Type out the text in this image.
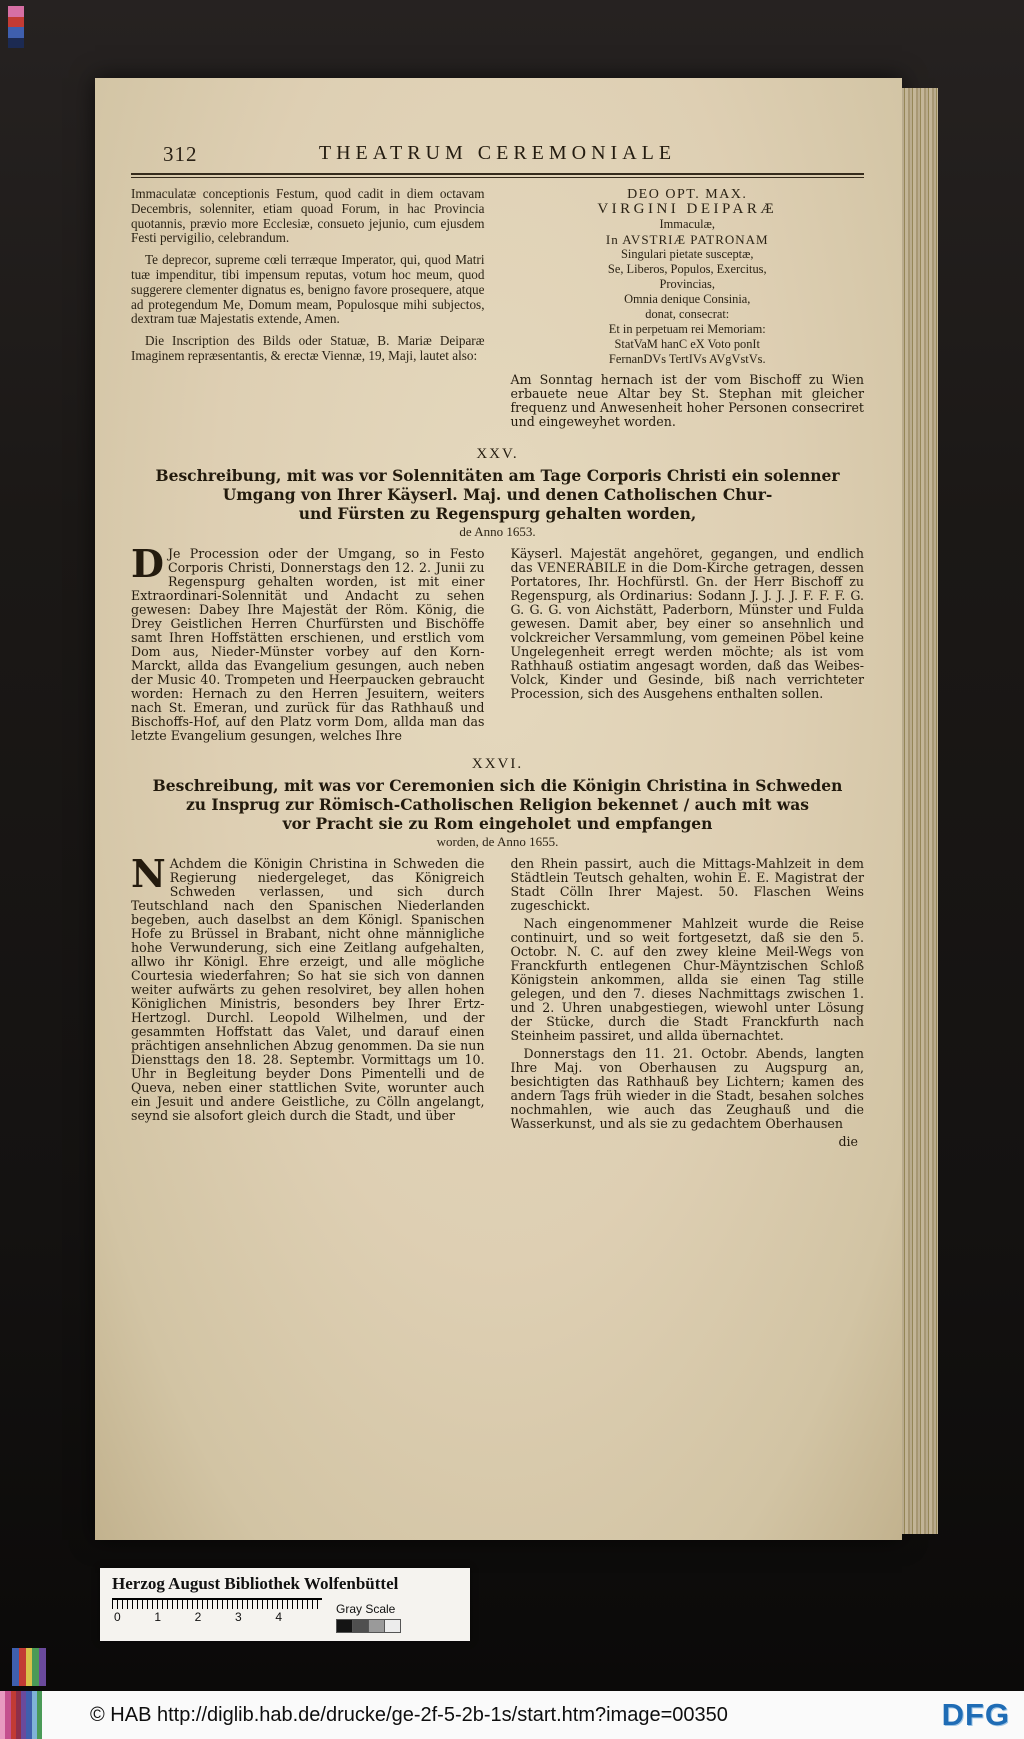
312	THEATRUM CEREMONIALE

Immaculatæ conceptionis Festum, quod cadit in diem octavam Decembris, solenniter, etiam quoad Forum, in hac Provincia quotannis, prævio more Ecclesiæ, consueto jejunio, cum ejusdem Festi pervigilio, celebrandum.

Te deprecor, supreme cœli terræque Imperator, qui, quod Matri tuæ impenditur, tibi impensum reputas, votum hoc meum, quod suggerere clementer dignatus es, benigno favore prosequere, atque ad protegendum Me, Domum meam, Populosque mihi subjectos, dextram tuæ Majestatis extende, Amen.

Die Inscription des Bilds oder Statuæ, B. Mariæ Deiparæ Imaginem repræsentantis, & erectæ Viennæ, 19, Maji, lautet also:

DEO OPT. MAX.
VIRGINI DEIPARÆ
Immaculæ,
In AVSTRIÆ PATRONAM
Singulari pietate susceptæ,
Se, Liberos, Populos, Exercitus,
Provincias,
Omnia denique Consinia,
donat, consecrat:
Et in perpetuam rei Memoriam:
StatVaM hanC eX Voto ponIt
FernanDVs TertIVs AVgVstVs.

Am Sonntag hernach ist der vom Bischoff zu Wien erbauete neue Altar bey St. Stephan mit gleicher frequenz und Anwesenheit hoher Personen consecriret und eingeweyhet worden.

XXV.
Beschreibung, mit was vor Solennitäten am Tage Corporis Christi ein solenner
Umgang von Ihrer Käyserl. Maj. und denen Catholischen Chur-
und Fürsten zu Regenspurg gehalten worden,
de Anno 1653.

D Je Procession oder der Umgang, so in Festo Corporis Christi, Donnerstags den 12. 2. Junii zu Regenspurg gehalten worden, ist mit einer Extraordinari-Solennität und Andacht zu sehen gewesen: Dabey Ihre Majestät der Röm. König, die Drey Geistlichen Herren Churfürsten und Bischöffe samt Ihren Hoffstätten erschienen, und erstlich vom Dom aus, Nieder-Münster vorbey auf den Korn-Marckt, allda das Evangelium gesungen, auch neben der Music 40. Trompeten und Heerpaucken gebraucht worden: Hernach zu den Herren Jesuitern, weiters nach St. Emeran, und zurück für das Rathhauß und Bischoffs-Hof, auf den Platz vorm Dom, allda man das letzte Evangelium gesungen, welches Ihre

Käyserl. Majestät angehöret, gegangen, und endlich das VENERABILE in die Dom-Kirche getragen, dessen Portatores, Ihr. Hochfürstl. Gn. der Herr Bischoff zu Regenspurg, als Ordinarius: Sodann J. J. J. J. F. F. F. G. G. G. G. von Aichstätt, Paderborn, Münster und Fulda gewesen. Damit aber, bey einer so ansehnlich und volckreicher Versammlung, vom gemeinen Pöbel keine Ungelegenheit erregt werden möchte; als ist vom Rathhauß ostiatim angesagt worden, daß das Weibes-Volck, Kinder und Gesinde, biß nach verrichteter Procession, sich des Ausgehens enthalten sollen.

XXVI.
Beschreibung, mit was vor Ceremonien sich die Königin Christina in Schweden
zu Insprug zur Römisch-Catholischen Religion bekennet / auch mit was
vor Pracht sie zu Rom eingeholet und empfangen
worden, de Anno 1655.

N Achdem die Königin Christina in Schweden die Regierung niedergeleget, das Königreich Schweden verlassen, und sich durch Teutschland nach den Spanischen Niederlanden begeben, auch daselbst an dem Königl. Spanischen Hofe zu Brüssel in Brabant, nicht ohne männigliche hohe Verwunderung, sich eine Zeitlang aufgehalten, allwo ihr Königl. Ehre erzeigt, und alle mögliche Courtesia wiederfahren; So hat sie sich von dannen weiter aufwärts zu gehen resolviret, bey allen hohen Königlichen Ministris, besonders bey Ihrer Ertz-Hertzogl. Durchl. Leopold Wilhelmen, und der gesammten Hoffstatt das Valet, und darauf einen prächtigen ansehnlichen Abzug genommen. Da sie nun Diensttags den 18. 28. Septembr. Vormittags um 10. Uhr in Begleitung beyder Dons Pimentelli und de Queva, neben einer stattlichen Svite, worunter auch ein Jesuit und andere Geistliche, zu Cölln angelangt, seynd sie alsofort gleich durch die Stadt, und über

den Rhein passirt, auch die Mittags-Mahlzeit in dem Städtlein Teutsch gehalten, wohin E. E. Magistrat der Stadt Cölln Ihrer Majest. 50. Flaschen Weins zugeschickt.

Nach eingenommener Mahlzeit wurde die Reise continuirt, und so weit fortgesetzt, daß sie den 5. Octobr. N. C. auf den zwey kleine Meil-Wegs von Franckfurth entlegenen Chur-Mäyntzischen Schloß Königstein ankommen, allda sie einen Tag stille gelegen, und den 7. dieses Nachmittags zwischen 1. und 2. Uhren unabgestiegen, wiewohl unter Lösung der Stücke, durch die Stadt Franckfurth nach Steinheim passiret, und allda übernachtet.

Donnerstags den 11. 21. Octobr. Abends, langten Ihre Maj. von Oberhausen zu Augspurg an, besichtigten das Rathhauß bey Lichtern; kamen des andern Tags früh wieder in die Stadt, besahen solches nochmahlen, wie auch das Zeughauß und die Wasserkunst, und als sie zu gedachtem Oberhausen

die
Herzog August Bibliothek Wolfenbüttel
0	1	2	3	4
Gray Scale
© HAB http://diglib.hab.de/drucke/ge-2f-5-2b-1s/start.htm?image=00350	DFG
